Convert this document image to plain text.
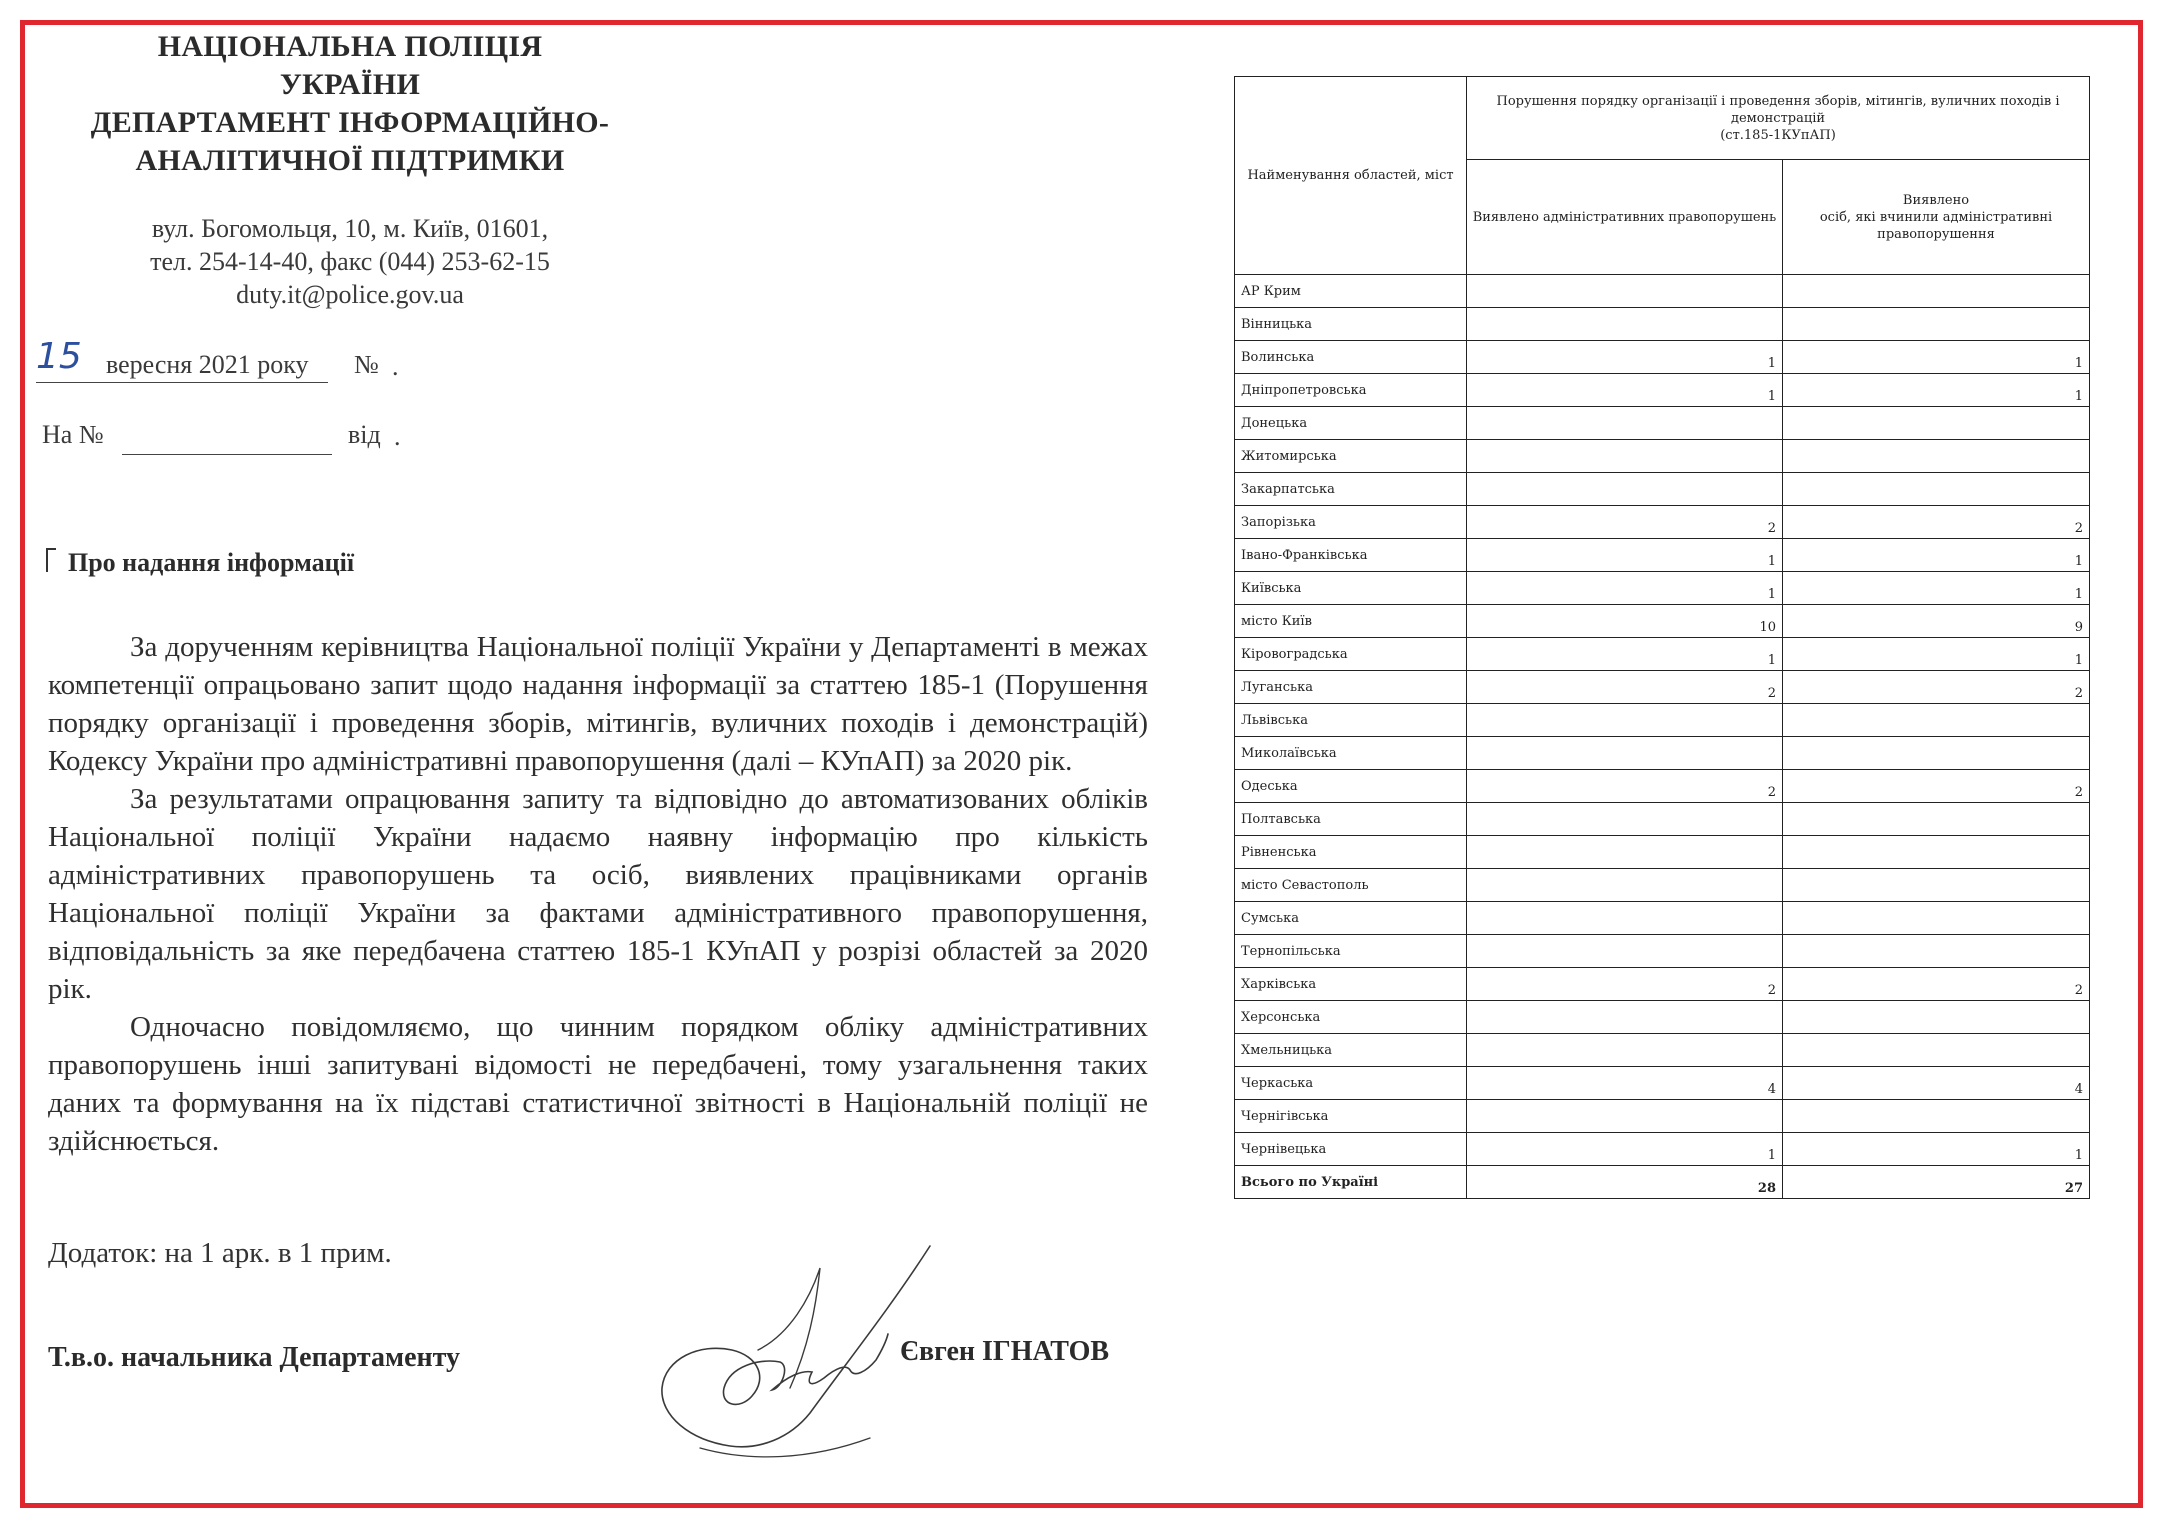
НАЦІОНАЛЬНА ПОЛІЦІЯ
УКРАЇНИ
ДЕПАРТАМЕНТ ІНФОРМАЦІЙНО-
АНАЛІТИЧНОЇ ПІДТРИМКИ
вул. Богомольця, 10, м. Київ, 01601,
тел. 254-14-40, факс (044) 253-62-15
duty.it@police.gov.ua
15 вересня 2021 року № .
На №	від .
Про надання інформації

За дорученням керівництва Національної поліції України у Департаменті в межах компетенції опрацьовано запит щодо надання інформації за статтею 185-1 (Порушення порядку організації і проведення зборів, мітингів, вуличних походів і демонстрацій) Кодексу України про адміністративні правопорушення (далі – КУпАП) за 2020 рік.

За результатами опрацювання запиту та відповідно до автоматизованих обліків Національної поліції України надаємо наявну інформацію про кількість адміністративних правопорушень та осіб, виявлених працівниками органів Національної поліції України за фактами адміністративного правопорушення, відповідальність за яке передбачена статтею 185-1 КУпАП у розрізі областей за 2020 рік.

Одночасно повідомляємо, що чинним порядком обліку адміністративних правопорушень інші запитувані відомості не передбачені, тому узагальнення таких даних та формування на їх підставі статистичної звітності в Національній поліції не здійснюється.

Додаток: на 1 арк. в 1 прим.
Т.в.о. начальника Департаменту	Євген ІГНАТОВ
Найменування областей, міст	Порушення порядку організації і проведення зборів, мітингів, вуличних походів і демонстрацій
(ст.185-1КУпАП)	

	Виявлено адміністративних правопорушень	Виявлено
осіб, які вчинили адміністративні правопорушення

АР Крим		
Вінницька		
Волинська	1	1
Дніпропетровська	1	1
Донецька		
Житомирська		
Закарпатська		
Запорізька	2	2
Івано-Франківська	1	1
Київська	1	1
місто Київ	10	9
Кіровоградська	1	1
Луганська	2	2
Львівська		
Миколаївська		
Одеська	2	2
Полтавська		
Рівненська		
місто Севастополь		
Сумська		
Тернопільська		
Харківська	2	2
Херсонська		
Хмельницька		
Черкаська	4	4
Чернігівська		
Чернівецька	1	1
Всього по Україні	28	27
